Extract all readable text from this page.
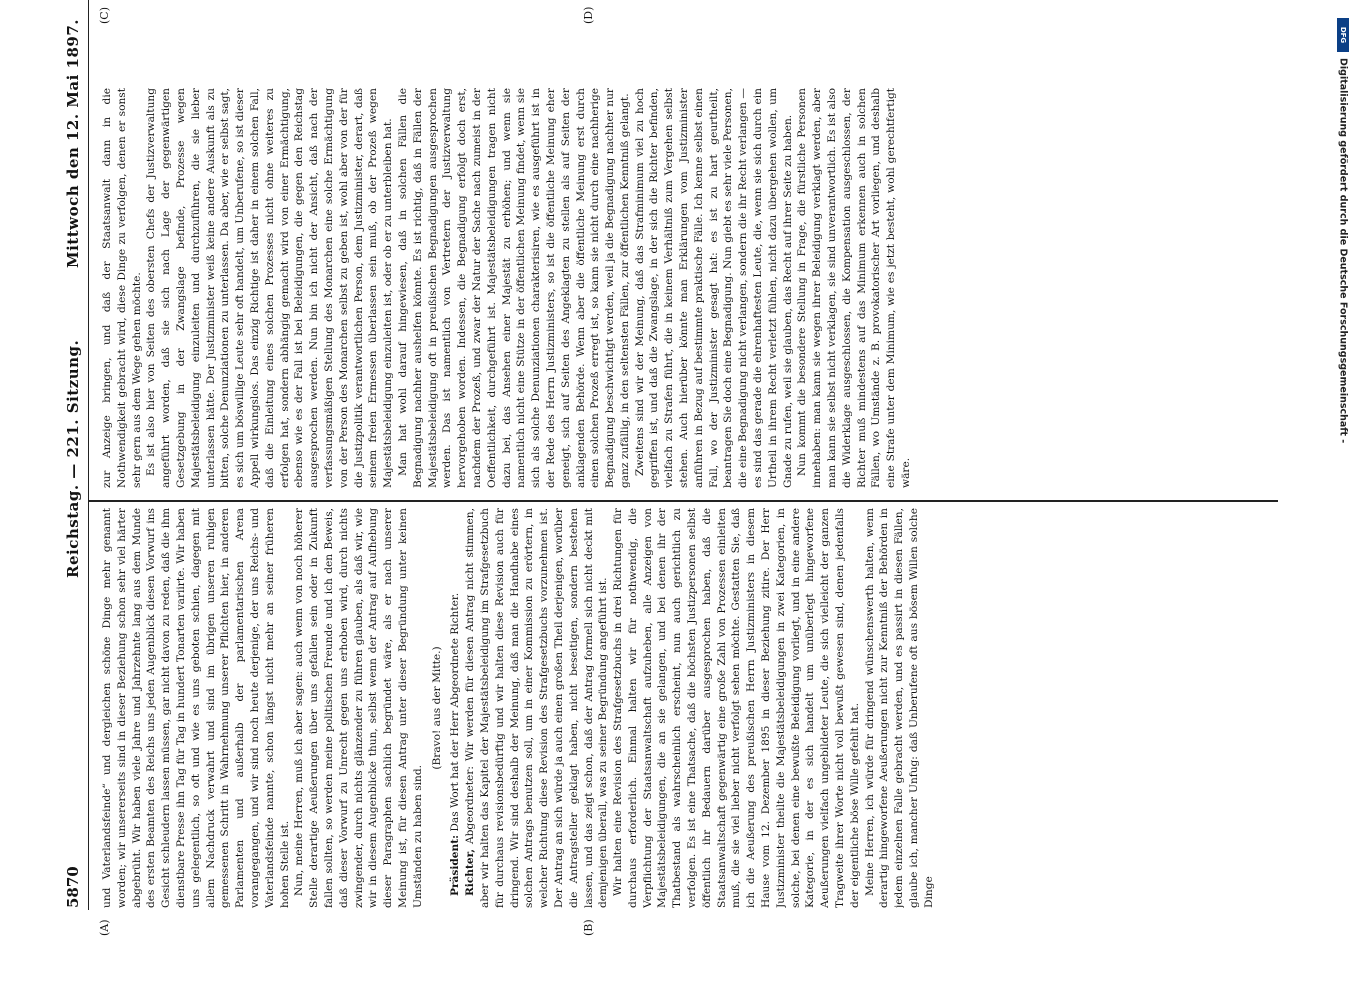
5870
Reichstag. — 221. Sitzung.
Mittwoch den 12. Mai 1897.
(A)	(B)
(C)	(D)

und Vaterlandsfeinde“ und dergleichen schöne Dinge mehr genannt worden; wir unsererseits sind in dieser Beziehung schon sehr viel härter abgebrüht. Wir haben viele Jahre und Jahrzehnte lang aus dem Munde des ersten Beamten des Reichs uns jeden Augenblick diesen Vorwurf ins Gesicht schleudern lassen müssen, gar nicht davon zu reden, daß die ihm dienstbare Presse ihn Tag für Tag in hundert Tonarten variirte. Wir haben uns gelegentlich, so oft und wie es uns geboten schien, dagegen mit allem Nachdruck verwahrt und sind im übrigen unseren ruhigen gemessenen Schritt in Wahrnehmung unserer Pflichten hier, in anderen Parlamenten und außerhalb der parlamentarischen Arena vorangegangen, und wir sind noch heute derjenige, der uns Reichs- und Vaterlandsfeinde nannte, schon längst nicht mehr an seiner früheren hohen Stelle ist. Nun, meine Herren, muß ich aber sagen: auch wenn von noch höherer Stelle derartige Aeußerungen über uns gefallen sein oder in Zukunft fallen sollten, so werden meine politischen Freunde und ich den Beweis, daß dieser Vorwurf zu Unrecht gegen uns erhoben wird, durch nichts zwingender, durch nichts glänzender zu führen glauben, als daß wir, wie wir in diesem Augenblicke thun, selbst wenn der Antrag auf Aufhebung dieser Paragraphen sachlich begründet wäre, als er nach unserer Meinung ist, für diesen Antrag unter dieser Begründung unter keinen Umständen zu haben sind.

(Bravo! aus der Mitte.)

Präsident: Das Wort hat der Herr Abgeordnete Richter.

Richter, Abgeordneter: Wir werden für diesen Antrag nicht stimmen, aber wir halten das Kapitel der Majestätsbeleidigung im Strafgesetzbuch für durchaus revisionsbedürftig und wir halten diese Revision auch für dringend. Wir sind deshalb der Meinung, daß man die Handhabe eines solchen Antrags benutzen soll, um in einer Kommission zu erörtern, in welcher Richtung diese Revision des Strafgesetzbuchs vorzunehmen ist. Der Antrag an sich würde ja auch einen großen Theil derjenigen, worüber die Antragsteller geklagt haben, nicht beseitigen, sondern bestehen lassen, und das zeigt schon, daß der Antrag formell sich nicht deckt mit demjenigen überall, was zu seiner Begründung angeführt ist. Wir halten eine Revision des Strafgesetzbuchs in drei Richtungen für durchaus erforderlich. Einmal halten wir für nothwendig, die Verpflichtung der Staatsanwaltschaft aufzuheben, alle Anzeigen von Majestätsbeleidigungen, die an sie gelangen, und bei denen ihr der Thatbestand als wahrscheinlich erscheint, nun auch gerichtlich zu verfolgen. Es ist eine Thatsache, daß die höchsten Justizpersonen selbst öffentlich ihr Bedauern darüber ausgesprochen haben, daß die Staatsanwaltschaft gegenwärtig eine große Zahl von Prozessen einleiten muß, die sie viel lieber nicht verfolgt sehen möchte. Gestatten Sie, daß ich die Aeußerung des preußischen Herrn Justizministers in diesem Hause vom 12. Dezember 1895 in dieser Beziehung zitire. Der Herr Justizminister theilte die Majestätsbeleidigungen in zwei Kategorien, in solche, bei denen eine bewußte Beleidigung vorliegt, und in eine andere Kategorie, in der es sich handelt um unüberlegt hingeworfene Aeußerungen vielfach ungebildeter Leute, die sich vielleicht der ganzen Tragweite ihrer Worte nicht voll bewußt gewesen sind, denen jedenfalls der eigentliche böse Wille gefehlt hat. Meine Herren, ich würde für dringend wünschenswerth halten, wenn derartig hingeworfene Aeußerungen nicht zur Kenntniß der Behörden in jedem einzelnen Falle gebracht werden, und es passirt in diesen Fällen, glaube ich, mancher Unfug: daß Unberufene oft aus bösem Willen solche Dinge

zur Anzeige bringen, und daß der Staatsanwalt dann in die Nothwendigkeit gebracht wird, diese Dinge zu verfolgen, denen er sonst sehr gern aus dem Wege gehen möchte. Es ist also hier von Seiten des obersten Chefs der Justizverwaltung angeführt worden, daß sie sich nach Lage der gegenwärtigen Gesetzgebung in der Zwangslage befinde, Prozesse wegen Majestätsbeleidigung einzuleiten und durchzuführen, die sie lieber unterlassen hätte. Der Justizminister weiß keine andere Auskunft als zu bitten, solche Denunziationen zu unterlassen. Da aber, wie er selbst sagt, es sich um böswillige Leute sehr oft handelt, um Unberufene, so ist dieser Appell wirkungslos. Das einzig Richtige ist daher in einem solchen Fall, daß die Einleitung eines solchen Prozesses nicht ohne weiteres zu erfolgen hat, sondern abhängig gemacht wird von einer Ermächtigung, ebenso wie es der Fall ist bei Beleidigungen, die gegen den Reichstag ausgesprochen werden. Nun bin ich nicht der Ansicht, daß nach der verfassungsmäßigen Stellung des Monarchen eine solche Ermächtigung von der Person des Monarchen selbst zu geben ist, wohl aber von der für die Justizpolitik verantwortlichen Person, dem Justizminister, derart, daß seinem freien Ermessen überlassen sein muß, ob der Prozeß wegen Majestätsbeleidigung einzuleiten ist, oder ob er zu unterbleiben hat. Man hat wohl darauf hingewiesen, daß in solchen Fällen die Begnadigung nachher aushelfen könnte. Es ist richtig, daß in Fällen der Majestätsbeleidigung oft in preußischen Begnadigungen ausgesprochen werden. Das ist namentlich von Vertretern der Justizverwaltung hervorgehoben worden. Indessen, die Begnadigung erfolgt doch erst, nachdem der Prozeß, und zwar der Natur der Sache nach zumeist in der Oeffentlichkeit, durchgeführt ist. Majestätsbeleidigungen tragen nicht dazu bei, das Ansehen einer Majestät zu erhöhen; und wenn sie namentlich nicht eine Stütze in der öffentlichen Meinung findet, wenn sie sich als solche Denunziationen charakterisiren, wie es ausgeführt ist in der Rede des Herrn Justizministers, so ist die öffentliche Meinung eher geneigt, sich auf Seiten des Angeklagten zu stellen als auf Seiten der anklagenden Behörde. Wenn aber die öffentliche Meinung erst durch einen solchen Prozeß erregt ist, so kann sie nicht durch eine nachherige Begnadigung beschwichtigt werden, weil ja die Begnadigung nachher nur ganz zufällig, in den seltensten Fällen, zur öffentlichen Kenntniß gelangt. Zweitens sind wir der Meinung, daß das Strafminimum viel zu hoch gegriffen ist, und daß die Zwangslage, in der sich die Richter befinden, vielfach zu Strafen führt, die in keinem Verhältniß zum Vergehen selbst stehen. Auch hierüber könnte man Erklärungen vom Justizminister anführen in Bezug auf bestimmte praktische Fälle. Ich kenne selbst einen Fall, wo der Justizminister gesagt hat: es ist zu hart geurtheilt, beantragen Sie doch eine Begnadigung. Nun giebt es sehr viele Personen, die eine Begnadigung nicht verlangen, sondern die ihr Recht verlangen — es sind das gerade die ehrenhaftesten Leute, die, wenn sie sich durch ein Urtheil in ihrem Recht verletzt fühlen, nicht dazu übergehen wollen, um Gnade zu rufen, weil sie glauben, das Recht auf ihrer Seite zu haben. Nun kommt die besondere Stellung in Frage, die fürstliche Personen innehaben: man kann sie wegen ihrer Beleidigung verklagt werden, aber man kann sie selbst nicht verklagen, sie sind unverantwortlich. Es ist also die Widerklage ausgeschlossen, die Kompensation ausgeschlossen, der Richter muß mindestens auf das Minimum erkennen auch in solchen Fällen, wo Umstände z. B. provokatorischer Art vorliegen, und deshalb eine Strafe unter dem Minimum, wie es jetzt besteht, wohl gerechtfertigt wäre.

DFG
Digitalisierung gefördert durch die Deutsche Forschungsgemeinschaft -
